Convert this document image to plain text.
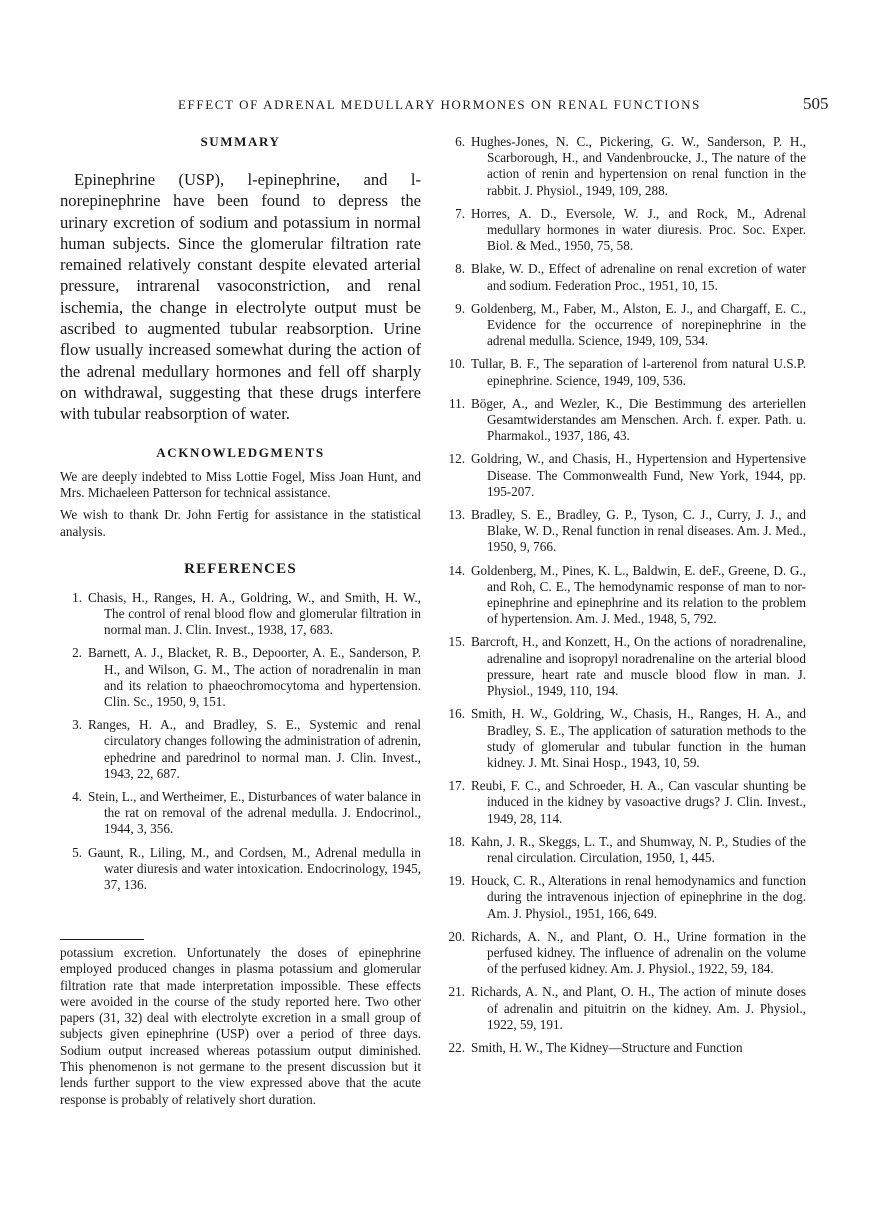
EFFECT OF ADRENAL MEDULLARY HORMONES ON RENAL FUNCTIONS	505
SUMMARY

Epinephrine (USP), l-epinephrine, and l-norepinephrine have been found to depress the urinary excretion of sodium and potassium in normal human subjects. Since the glomerular filtration rate remained relatively constant despite elevated arterial pressure, intrarenal vasoconstriction, and renal ischemia, the change in electrolyte output must be ascribed to augmented tubular reabsorption. Urine flow usually increased somewhat during the action of the adrenal medullary hormones and fell off sharply on withdrawal, suggesting that these drugs interfere with tubular reabsorption of water.

ACKNOWLEDGMENTS

We are deeply indebted to Miss Lottie Fogel, Miss Joan Hunt, and Mrs. Michaeleen Patterson for technical assistance.

We wish to thank Dr. John Fertig for assistance in the statistical analysis.

REFERENCES
1. Chasis, H., Ranges, H. A., Goldring, W., and Smith, H. W., The control of renal blood flow and glomerular filtration in normal man. J. Clin. Invest., 1938, 17, 683.
2. Barnett, A. J., Blacket, R. B., Depoorter, A. E., Sanderson, P. H., and Wilson, G. M., The action of noradrenalin in man and its relation to phaeochromocytoma and hypertension. Clin. Sc., 1950, 9, 151.
3. Ranges, H. A., and Bradley, S. E., Systemic and renal circulatory changes following the administration of adrenin, ephedrine and paredrinol to normal man. J. Clin. Invest., 1943, 22, 687.
4. Stein, L., and Wertheimer, E., Disturbances of water balance in the rat on removal of the adrenal medulla. J. Endocrinol., 1944, 3, 356.
5. Gaunt, R., Liling, M., and Cordsen, M., Adrenal medulla in water diuresis and water intoxication. Endocrinology, 1945, 37, 136.

potassium excretion. Unfortunately the doses of epinephrine employed produced changes in plasma potassium and glomerular filtration rate that made interpretation impossible. These effects were avoided in the course of the study reported here. Two other papers (31, 32) deal with electrolyte excretion in a small group of subjects given epinephrine (USP) over a period of three days. Sodium output increased whereas potassium output diminished. This phenomenon is not germane to the present discussion but it lends further support to the view expressed above that the acute response is probably of relatively short duration.

6. Hughes-Jones, N. C., Pickering, G. W., Sanderson, P. H., Scarborough, H., and Vandenbroucke, J., The nature of the action of renin and hypertension on renal function in the rabbit. J. Physiol., 1949, 109, 288.
7. Horres, A. D., Eversole, W. J., and Rock, M., Adrenal medullary hormones in water diuresis. Proc. Soc. Exper. Biol. & Med., 1950, 75, 58.
8. Blake, W. D., Effect of adrenaline on renal excretion of water and sodium. Federation Proc., 1951, 10, 15.
9. Goldenberg, M., Faber, M., Alston, E. J., and Chargaff, E. C., Evidence for the occurrence of norepinephrine in the adrenal medulla. Science, 1949, 109, 534.
10. Tullar, B. F., The separation of l-arterenol from natural U.S.P. epinephrine. Science, 1949, 109, 536.
11. Böger, A., and Wezler, K., Die Bestimmung des arteriellen Gesamtwiderstandes am Menschen. Arch. f. exper. Path. u. Pharmakol., 1937, 186, 43.
12. Goldring, W., and Chasis, H., Hypertension and Hypertensive Disease. The Commonwealth Fund, New York, 1944, pp. 195-207.
13. Bradley, S. E., Bradley, G. P., Tyson, C. J., Curry, J. J., and Blake, W. D., Renal function in renal diseases. Am. J. Med., 1950, 9, 766.
14. Goldenberg, M., Pines, K. L., Baldwin, E. deF., Greene, D. G., and Roh, C. E., The hemodynamic response of man to nor-epinephrine and epinephrine and its relation to the problem of hypertension. Am. J. Med., 1948, 5, 792.
15. Barcroft, H., and Konzett, H., On the actions of noradrenaline, adrenaline and isopropyl noradrenaline on the arterial blood pressure, heart rate and muscle blood flow in man. J. Physiol., 1949, 110, 194.
16. Smith, H. W., Goldring, W., Chasis, H., Ranges, H. A., and Bradley, S. E., The application of saturation methods to the study of glomerular and tubular function in the human kidney. J. Mt. Sinai Hosp., 1943, 10, 59.
17. Reubi, F. C., and Schroeder, H. A., Can vascular shunting be induced in the kidney by vasoactive drugs? J. Clin. Invest., 1949, 28, 114.
18. Kahn, J. R., Skeggs, L. T., and Shumway, N. P., Studies of the renal circulation. Circulation, 1950, 1, 445.
19. Houck, C. R., Alterations in renal hemodynamics and function during the intravenous injection of epinephrine in the dog. Am. J. Physiol., 1951, 166, 649.
20. Richards, A. N., and Plant, O. H., Urine formation in the perfused kidney. The influence of adrenalin on the volume of the perfused kidney. Am. J. Physiol., 1922, 59, 184.
21. Richards, A. N., and Plant, O. H., The action of minute doses of adrenalin and pituitrin on the kidney. Am. J. Physiol., 1922, 59, 191.
22. Smith, H. W., The Kidney—Structure and Function
